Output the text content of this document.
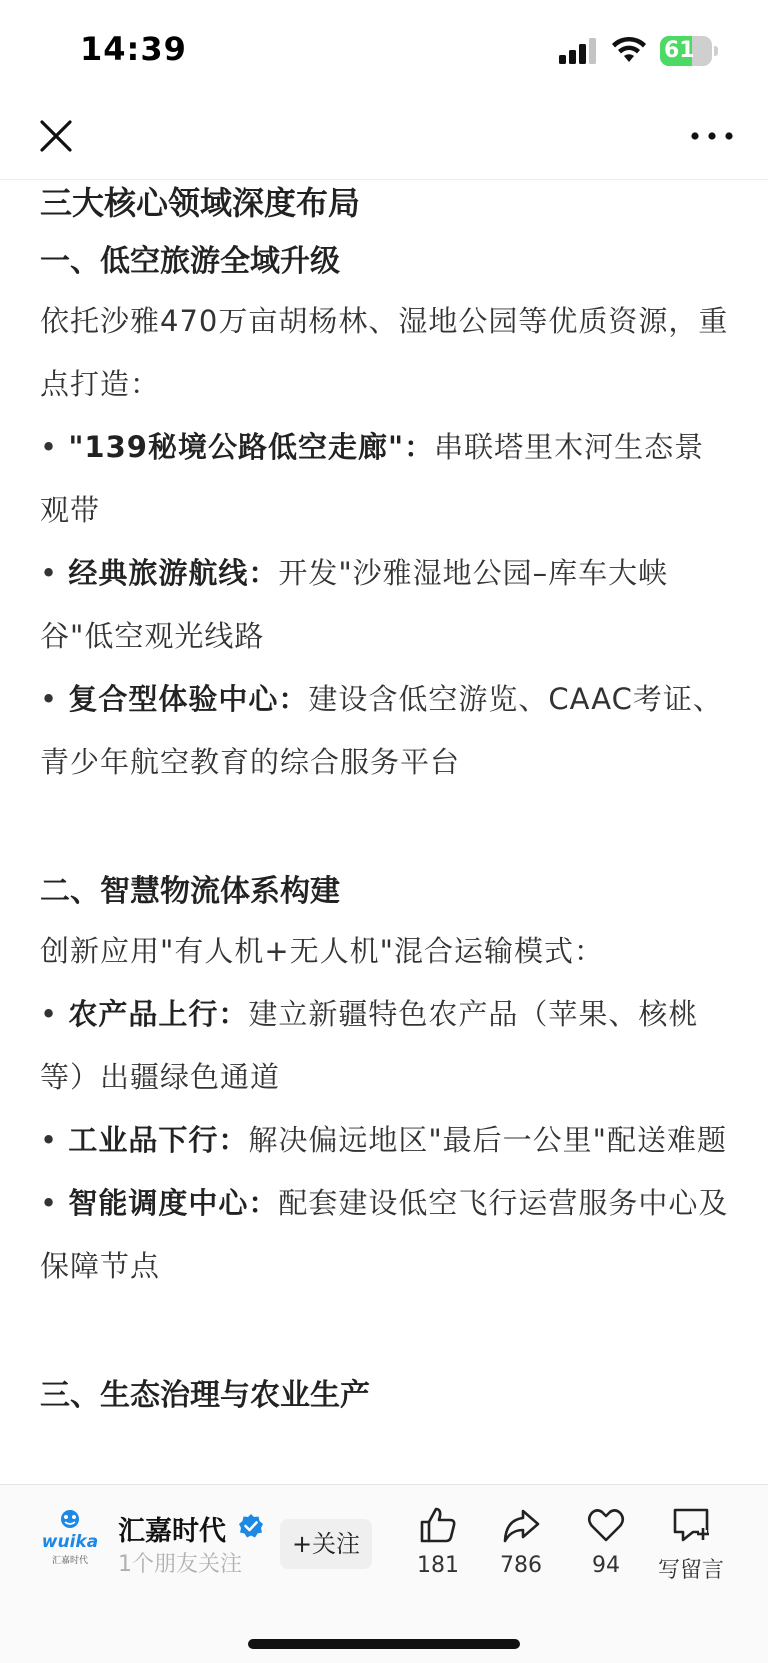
14:39	61
三大核心领域深度布局
一、低空旅游全域升级

依托沙雅470万亩胡杨林、湿地公园等优质资源，重点打造：

• "139秘境公路低空走廊"：串联塔里木河生态景观带

• 经典旅游航线：开发"沙雅湿地公园–库车大峡谷"低空观光线路

• 复合型体验中心：建设含低空游览、CAAC考证、青少年航空教育的综合服务平台

二、智慧物流体系构建

创新应用"有人机+无人机"混合运输模式：

• 农产品上行：建立新疆特色农产品（苹果、核桃等）出疆绿色通道

• 工业品下行：解决偏远地区"最后一公里"配送难题

• 智能调度中心：配套建设低空飞行运营服务中心及保障节点

三、生态治理与农业生产
wuika
汇嘉时代
汇嘉时代
1个朋友关注
+关注
181	786	94	写留言
